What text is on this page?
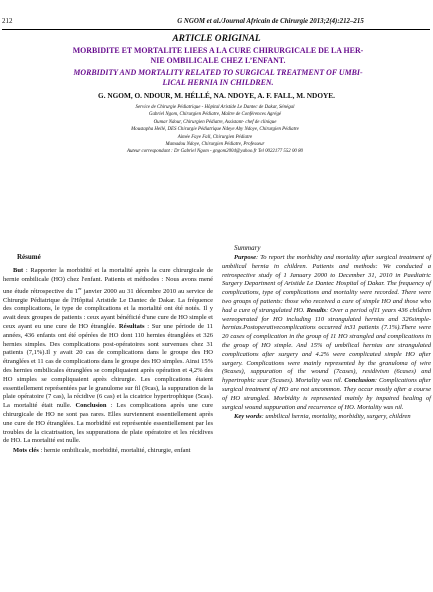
212	G NGOM et al./Journal Africain de Chirurgie 2013;2(4):212–215
ARTICLE ORIGINAL
MORBIDITE ET MORTALITE LIEES A LA CURE CHIRURGICALE DE LA HER-
NIE OMBILICALE CHEZ L’ENFANT.
MORBIDITY AND MORTALITY RELATED TO SURGICAL TREATMENT OF UMBI-
LICAL HERNIA IN CHILDREN.
G. NGOM, O. NDOUR, M. HÉLLÉ, NA. NDOYE, A. F. FALL, M. NDOYE.
Service de Chirurgie Pédiatrique - Hôpital Aristide Le Dantec de Dakar, Sénégal
Gabriel Ngom, Chirurgien Pédiatre, Maître de Conférences Agrégé
Oumar Ndour, Chirurgien Pédiatre, Assistant- chef de clinique
Moustapha Hellé, DES Chirurgie Pédiatrique Ndeye Aby Ndoye, Chirurgien Pédiatre
Aimée Faye Fall, Chirurgien Pédiatre
Mamadou Ndoye, Chirurgien Pédiatre, Professeur
Auteur correspondant : Dr Gabriel Ngom - gngom2004@yahoo.fr Tel 0022177 552 00 80
Résumé
But : Rapporter la morbidité et la mortalité après la cure chirurgicale de hernie ombilicale (HO) chez l'enfant. Patients et méthodes : Nous avons mené une étude rétrospective du 1er janvier 2000 au 31 décembre 2010 au service de Chirurgie Pédiatrique de l'Hôpital Aristide Le Dantec de Dakar. La fréquence des complications, le type de complications et la mortalité ont été notés. Il y avait deux groupes de patients : ceux ayant bénéficié d'une cure de HO simple et ceux ayant eu une cure de HO étranglée. Résultats : Sur une période de 11 années, 436 enfants ont été opérées de HO dont 110 hernies étranglées et 326 hernies simples. Des complications post-opératoires sont survenues chez 31 patients (7,1%).Il y avait 20 cas de complications dans le groupe des HO étranglées et 11 cas de complications dans le groupe des HO simples. Ainsi 15% des hernies ombilicales étranglées se compliquaient après opération et 4,2% des HO simples se compliquaient après chirurgie. Les complications étaient essentiellement représentées par le granulome sur fil (9cas), la suppuration de la plaie opératoire (7 cas), la récidive (6 cas) et la cicatrice hypertrophique (5cas). La mortalité était nulle. Conclusion : Les complications après une cure chirurgicale de HO ne sont pas rares. Elles surviennent essentiellement après une cure de HO étranglées. La morbidité est représentée essentiellement par les troubles de la cicatrisation, les suppurations de plaie opératoire et les récidives de HO. La mortalité est nulle.
Mots clés : hernie ombilicale, morbidité, mortalité, chirurgie, enfant
Summary
Purpose: To report the morbidity and mortality after surgical treatment of umbilical hernia in children. Patients and methods: We conducted a retrospective study of 1 January 2000 to December 31, 2010 in Paediatric Surgery Department of Aristide Le Dantec Hospital of Dakar. The frequency of complications, type of complications and mortality were recorded. There were two groups of patients: those who received a cure of simple HO and those who had a cure of strangulated HO. Results: Over a period of11 years 436 children wereoperated for HO including 110 strangulated hernias and 326simple-hernias.Postoperativecomplications occurred in31 patients (7.1%).There were 20 cases of complication in the group of 11 HO strangled and complications in the group of HO simple. And 15% of umbilical hernias are strangulated complications after surgery and 4.2% were complicated simple HO after surgery. Complications were mainly represented by the granuloma of wire (9cases), suppuration of the wound (7cases), residivism (6cases) and hypertrophic scar (5cases). Mortality was nil. Conclusion: Complications after surgical treatment of HO are not uncommon. They occur mostly after a course of HO strangled. Morbidity is represented mainly by impaired healing of surgical wound suppuration and recurrence of HO. Mortality was nil.
Key words: umbilical hernia, mortality, morbidity, surgery, children
